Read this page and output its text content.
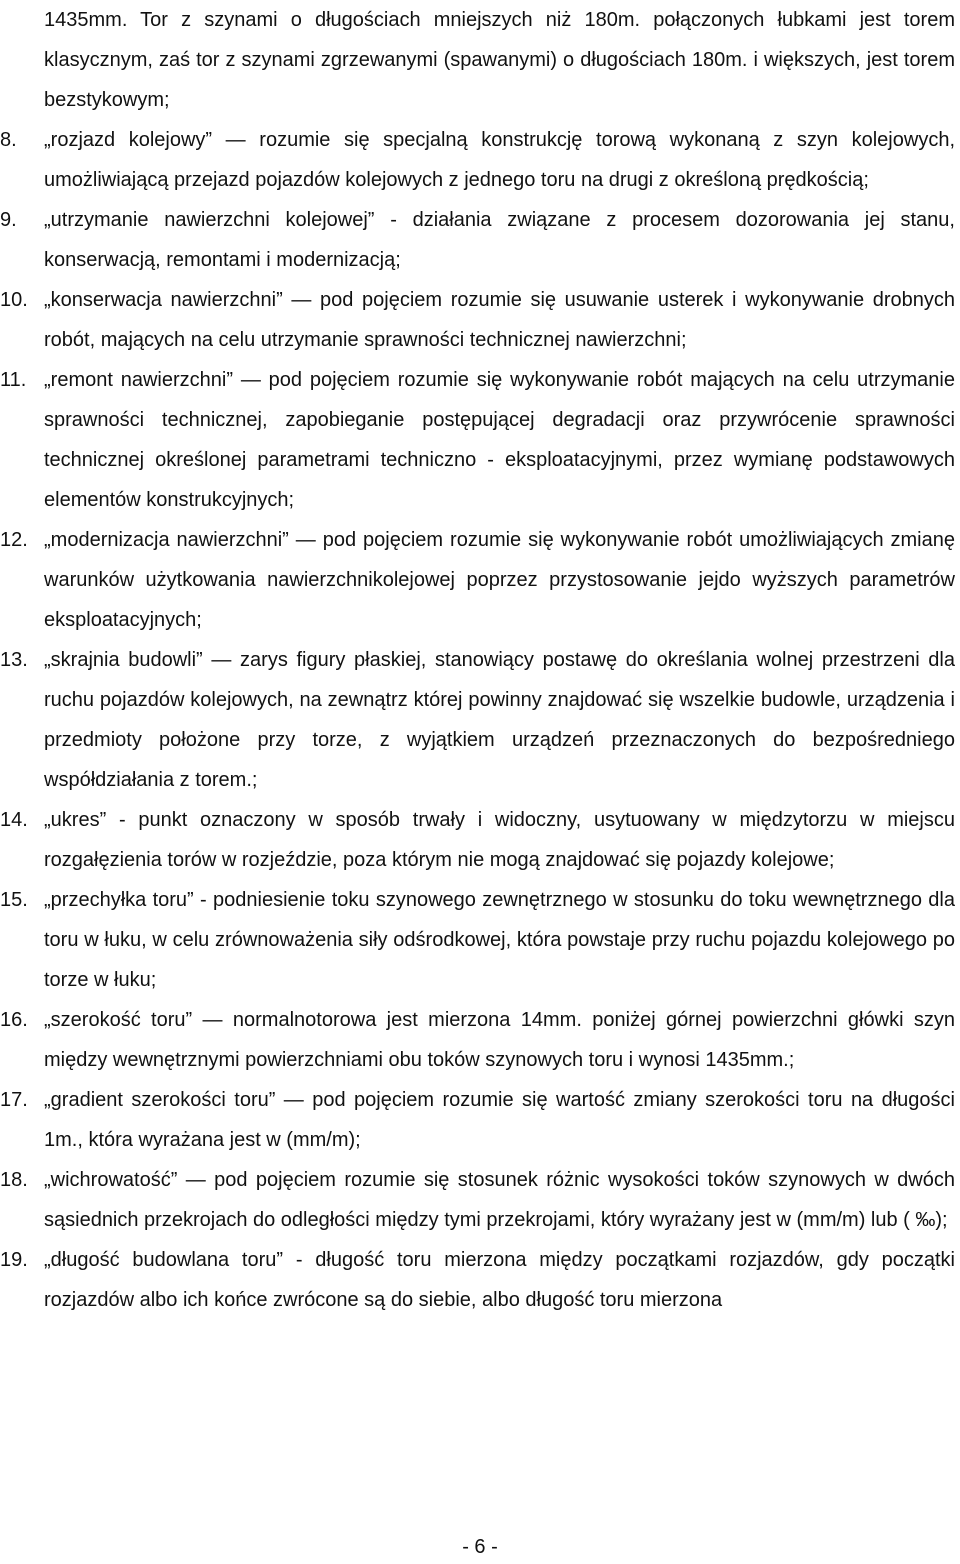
1435mm. Tor z szynami o długościach mniejszych niż 180m. połączonych łubkami jest torem klasycznym, zaś tor z szynami zgrzewanymi (spawanymi) o długościach 180m. i większych, jest torem bezstykowym;

8.	„rozjazd kolejowy” ― rozumie się specjalną konstrukcję torową wykonaną z szyn kolejowych, umożliwiającą przejazd pojazdów kolejowych z jednego toru na drugi z określoną prędkością;
9.	„utrzymanie nawierzchni kolejowej” - działania związane z procesem dozorowania jej stanu, konserwacją, remontami i modernizacją;
10. „konserwacja nawierzchni” ― pod pojęciem rozumie się usuwanie usterek i wykonywanie drobnych robót, mających na celu utrzymanie sprawności technicznej nawierzchni;
11. „remont nawierzchni” ― pod pojęciem rozumie się wykonywanie robót mających na celu utrzymanie sprawności technicznej, zapobieganie postępującej degradacji oraz przywrócenie sprawności technicznej określonej parametrami techniczno - eksploatacyjnymi, przez wymianę podstawowych elementów konstrukcyjnych;
12. „modernizacja nawierzchni” ― pod pojęciem rozumie się wykonywanie robót umożliwiających zmianę warunków użytkowania nawierzchnikolejowej poprzez przystosowanie jejdo wyższych parametrów eksploatacyjnych;
13. „skrajnia budowli” ― zarys figury płaskiej, stanowiący postawę do określania wolnej przestrzeni dla ruchu pojazdów kolejowych, na zewnątrz której powinny znajdować się wszelkie budowle, urządzenia i przedmioty położone przy torze, z wyjątkiem urządzeń przeznaczonych do bezpośredniego współdziałania z torem.;
14. „ukres” - punkt oznaczony w sposób trwały i widoczny, usytuowany w międzytorzu w miejscu rozgałęzienia torów w rozjeździe, poza którym nie mogą znajdować się pojazdy kolejowe;
15. „przechyłka toru” - podniesienie toku szynowego zewnętrznego w stosunku do toku wewnętrznego dla toru w łuku, w celu zrównoważenia siły odśrodkowej, która powstaje przy ruchu pojazdu kolejowego po torze w łuku;
16. „szerokość toru” ― normalnotorowa jest mierzona 14mm. poniżej górnej powierzchni główki szyn między wewnętrznymi powierzchniami obu toków szynowych toru i wynosi 1435mm.;
17. „gradient szerokości toru” ― pod pojęciem rozumie się wartość zmiany szerokości toru na długości 1m., która wyrażana jest w (mm/m);
18. „wichrowatość” ― pod pojęciem rozumie się stosunek różnic wysokości toków szynowych w dwóch sąsiednich przekrojach do odległości między tymi przekrojami, który wyrażany jest w (mm/m) lub ( ‰);
19. „długość budowlana toru” - długość toru mierzona między początkami rozjazdów, gdy początki rozjazdów albo ich końce zwrócone są do siebie, albo długość toru mierzona
- 6 -
